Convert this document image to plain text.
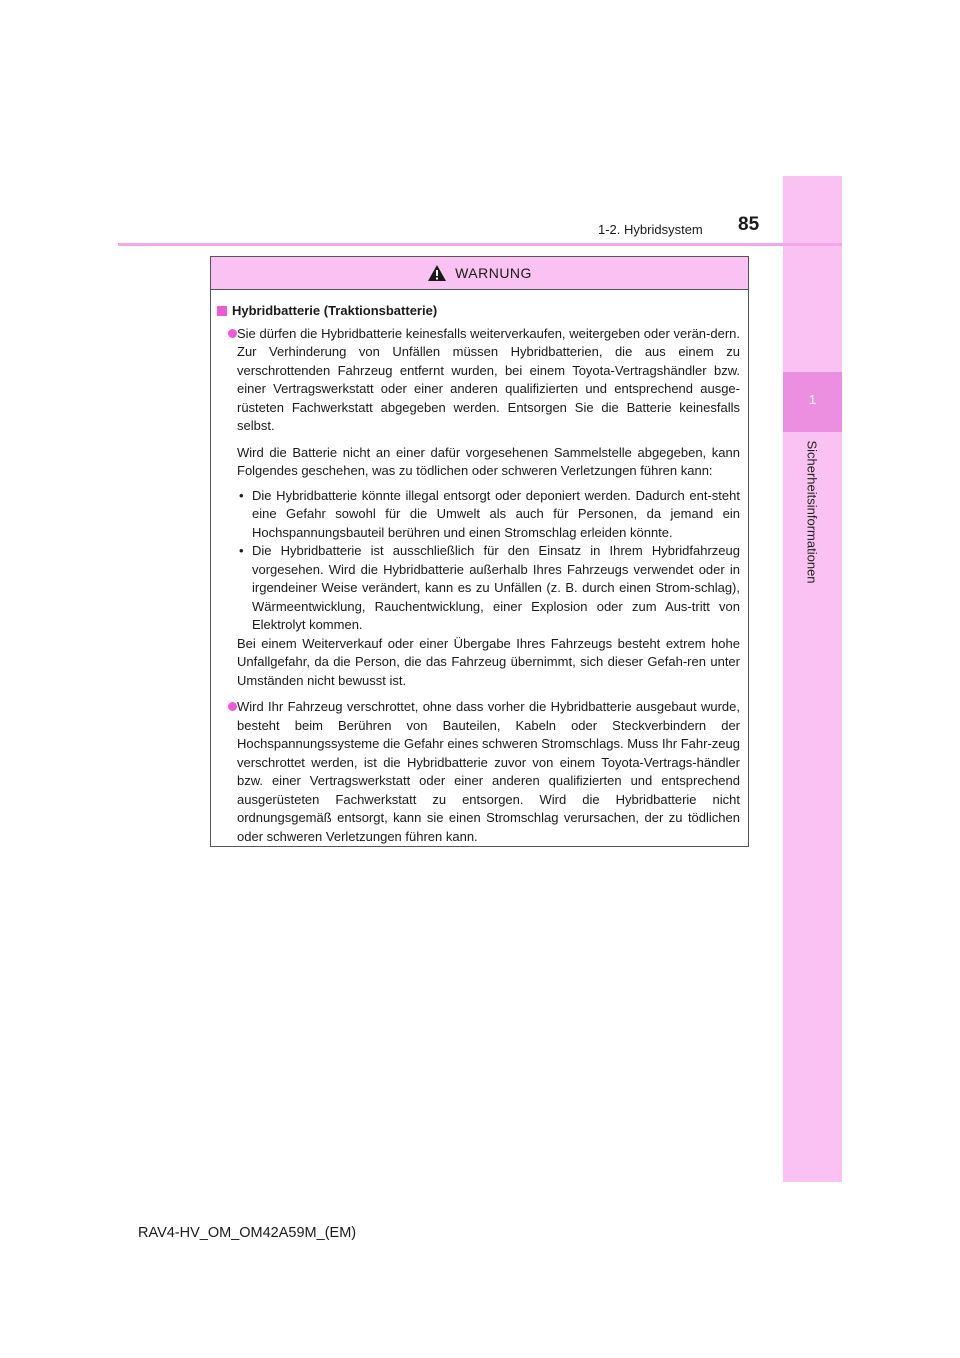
1
Sicherheitsinformationen
1-2. Hybridsystem 85
WARNUNG
Hybridbatterie (Traktionsbatterie)

Sie dürfen die Hybridbatterie keinesfalls weiterverkaufen, weitergeben oder verän-dern. Zur Verhinderung von Unfällen müssen Hybridbatterien, die aus einem zu verschrottenden Fahrzeug entfernt wurden, bei einem Toyota-Vertragshändler bzw. einer Vertragswerkstatt oder einer anderen qualifizierten und entsprechend ausge-rüsteten Fachwerkstatt abgegeben werden. Entsorgen Sie die Batterie keinesfalls selbst.

Wird die Batterie nicht an einer dafür vorgesehenen Sammelstelle abgegeben, kann Folgendes geschehen, was zu tödlichen oder schweren Verletzungen führen kann:

• Die Hybridbatterie könnte illegal entsorgt oder deponiert werden. Dadurch ent-steht eine Gefahr sowohl für die Umwelt als auch für Personen, da jemand ein Hochspannungsbauteil berühren und einen Stromschlag erleiden könnte.
• Die Hybridbatterie ist ausschließlich für den Einsatz in Ihrem Hybridfahrzeug vorgesehen. Wird die Hybridbatterie außerhalb Ihres Fahrzeugs verwendet oder in irgendeiner Weise verändert, kann es zu Unfällen (z. B. durch einen Strom-schlag), Wärmeentwicklung, Rauchentwicklung, einer Explosion oder zum Aus-tritt von Elektrolyt kommen.

Bei einem Weiterverkauf oder einer Übergabe Ihres Fahrzeugs besteht extrem hohe Unfallgefahr, da die Person, die das Fahrzeug übernimmt, sich dieser Gefah-ren unter Umständen nicht bewusst ist.

Wird Ihr Fahrzeug verschrottet, ohne dass vorher die Hybridbatterie ausgebaut wurde, besteht beim Berühren von Bauteilen, Kabeln oder Steckverbindern der Hochspannungssysteme die Gefahr eines schweren Stromschlags. Muss Ihr Fahr-zeug verschrottet werden, ist die Hybridbatterie zuvor von einem Toyota-Vertrags-händler bzw. einer Vertragswerkstatt oder einer anderen qualifizierten und entsprechend ausgerüsteten Fachwerkstatt zu entsorgen. Wird die Hybridbatterie nicht ordnungsgemäß entsorgt, kann sie einen Stromschlag verursachen, der zu tödlichen oder schweren Verletzungen führen kann.

RAV4-HV_OM_OM42A59M_(EM)
